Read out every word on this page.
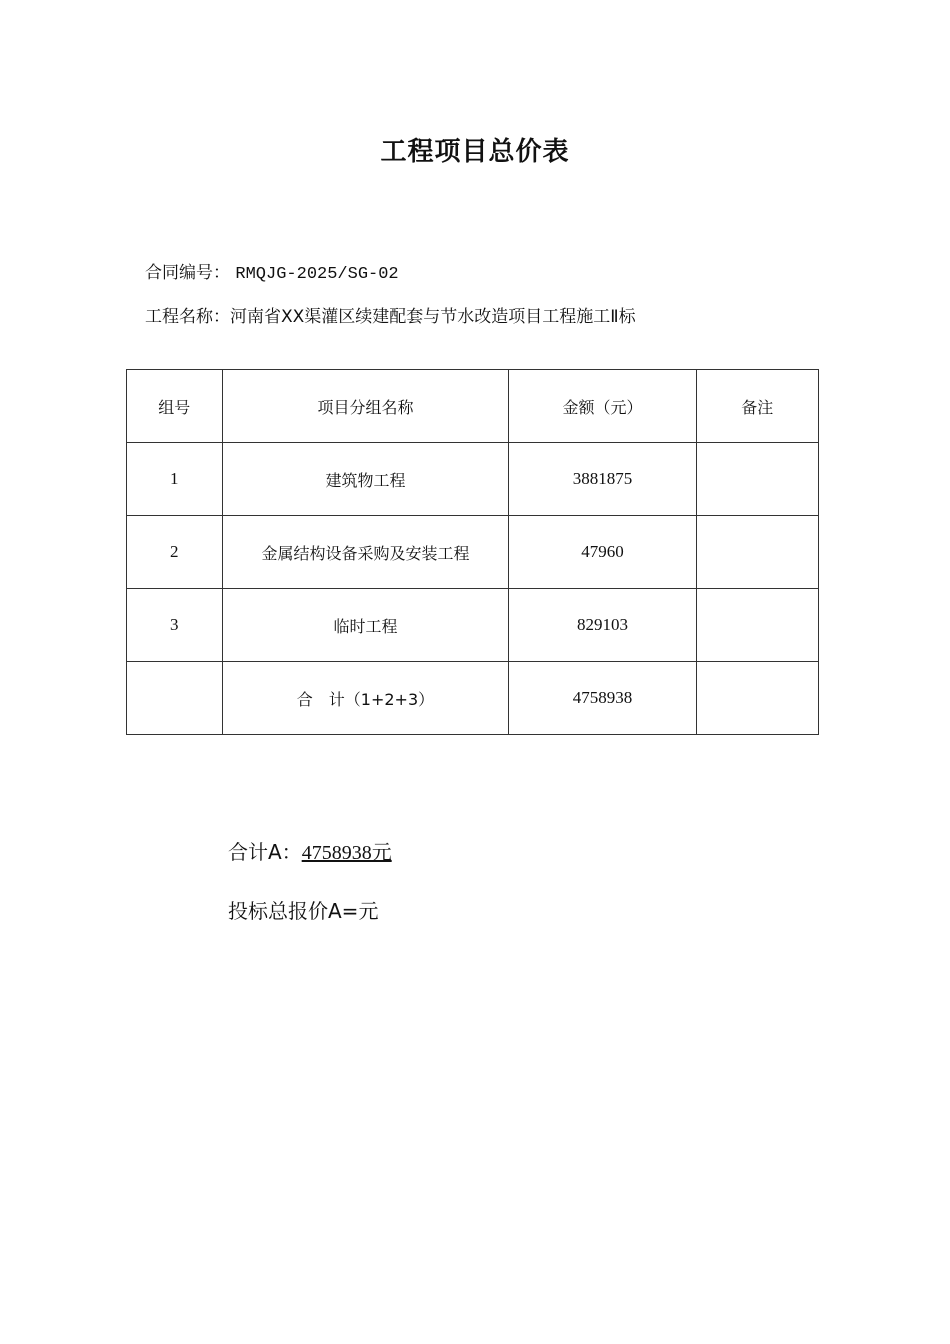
工程项目总价表
合同编号： RMQJG-2025/SG-02
工程名称：河南省XX渠灌区续建配套与节水改造项目工程施工Ⅱ标
组号	项目分组名称	金额（元）	备注
1	建筑物工程	3881875	
2	金属结构设备采购及安装工程	47960	
3	临时工程	829103	
	合　计（1+2+3）	4758938	
合计A：4758938元
投标总报价A=元
